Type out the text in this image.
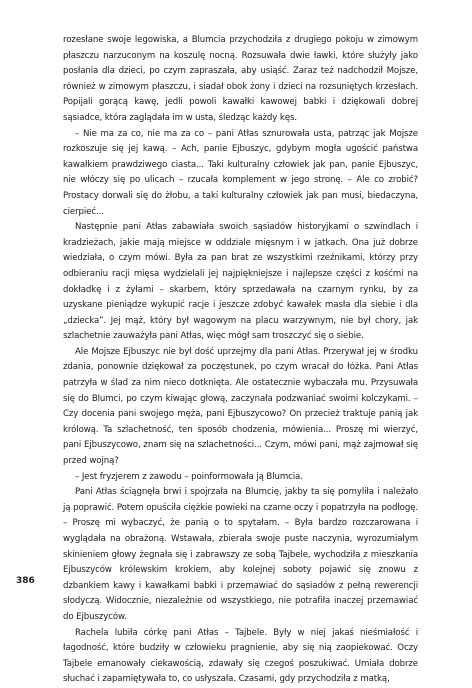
rozesłane swoje legowiska, a Blumcia przychodziła z drugiego pokoju w zimowym płaszczu narzuconym na koszulę nocną. Rozsuwała dwie ławki, które służyły jako posłania dla dzieci, po czym zapraszała, aby usiąść. Zaraz też nadchodził Mojsze, również w zimowym płaszczu, i siadał obok żony i dzieci na rozsuniętych krzesłach. Popijali gorącą kawę, jedli powoli kawałki kawowej babki i dziękowali dobrej sąsiadce, która zaglądała im w usta, śledząc każdy kęs.

– Nie ma za co, nie ma za co – pani Atłas sznurowała usta, patrząc jak Mojsze rozkoszuje się jej kawą. – Ach, panie Ejbuszyc, gdybym mogła ugościć państwa kawałkiem prawdziwego ciasta... Taki kulturalny człowiek jak pan, panie Ejbuszyc, nie włóczy się po ulicach – rzucała komplement w jego stronę. – Ale co zrobić? Prostacy dorwali się do żłobu, a taki kulturalny człowiek jak pan musi, biedaczyna, cierpieć...

Następnie pani Atłas zabawiała swoich sąsiadów historyjkami o szwindlach i kradzieżach, jakie mają miejsce w oddziale mięsnym i w jatkach. Ona już dobrze wiedziała, o czym mówi. Była za pan brat ze wszystkimi rzeźnikami, którzy przy odbieraniu racji mięsa wydzielali jej najpiękniejsze i najlepsze części z kośćmi na dokładkę i z żyłami – skarbem, który sprzedawała na czarnym rynku, by za uzyskane pieniądze wykupić racje i jeszcze zdobyć kawałek masła dla siebie i dla „dziecka”. Jej mąż, który był wagowym na placu warzywnym, nie był chory, jak szlachetnie zauważyła pani Atłas, więc mógł sam troszczyć się o siebie.

Ale Mojsze Ejbuszyc nie był dość uprzejmy dla pani Atłas. Przerywał jej w środku zdania, ponownie dziękował za poczęstunek, po czym wracał do łóżka. Pani Atłas patrzyła w ślad za nim nieco dotknięta. Ale ostatecznie wybaczała mu. Przysuwała się do Blumci, po czym kiwając głową, zaczynała podzwaniać swoimi kolczykami. – Czy docenia pani swojego męża, pani Ejbuszycowo? On przecież traktuje panią jak królową. Ta szlachetność, ten sposób chodzenia, mówienia... Proszę mi wierzyć, pani Ejbuszycowo, znam się na szlachetności... Czym, mówi pani, mąż zajmował się przed wojną?

– Jest fryzjerem z zawodu – poinformowała ją Blumcia.

Pani Atłas ściągnęła brwi i spojrzała na Blumcię, jakby ta się pomyliła i należało ją poprawić. Potem opuściła ciężkie powieki na czarne oczy i popatrzyła na podłogę. – Proszę mi wybaczyć, że panią o to spytałam. – Była bardzo rozczarowana i wyglądała na obrażoną. Wstawała, zbierała swoje puste naczynia, wyrozumiałym skinieniem głowy żegnała się i zabrawszy ze sobą Tajbele, wychodziła z mieszkania Ejbuszyców królewskim krokiem, aby kolejnej soboty pojawić się znowu z dzbankiem kawy i kawałkami babki i przemawiać do sąsiadów z pełną rewerencji słodyczą. Widocznie, niezależnie od wszystkiego, nie potrafiła inaczej przemawiać do Ejbuszyców.

Rachela lubiła córkę pani Atłas – Tajbele. Były w niej jakaś nieśmiałość i łagodność, które budziły w człowieku pragnienie, aby się nią zaopiekować. Oczy Tajbele emanowały ciekawością, zdawały się czegoś poszukiwać. Umiała dobrze słuchać i zapamiętywała to, co usłyszała. Czasami, gdy przychodziła z matką,

386
